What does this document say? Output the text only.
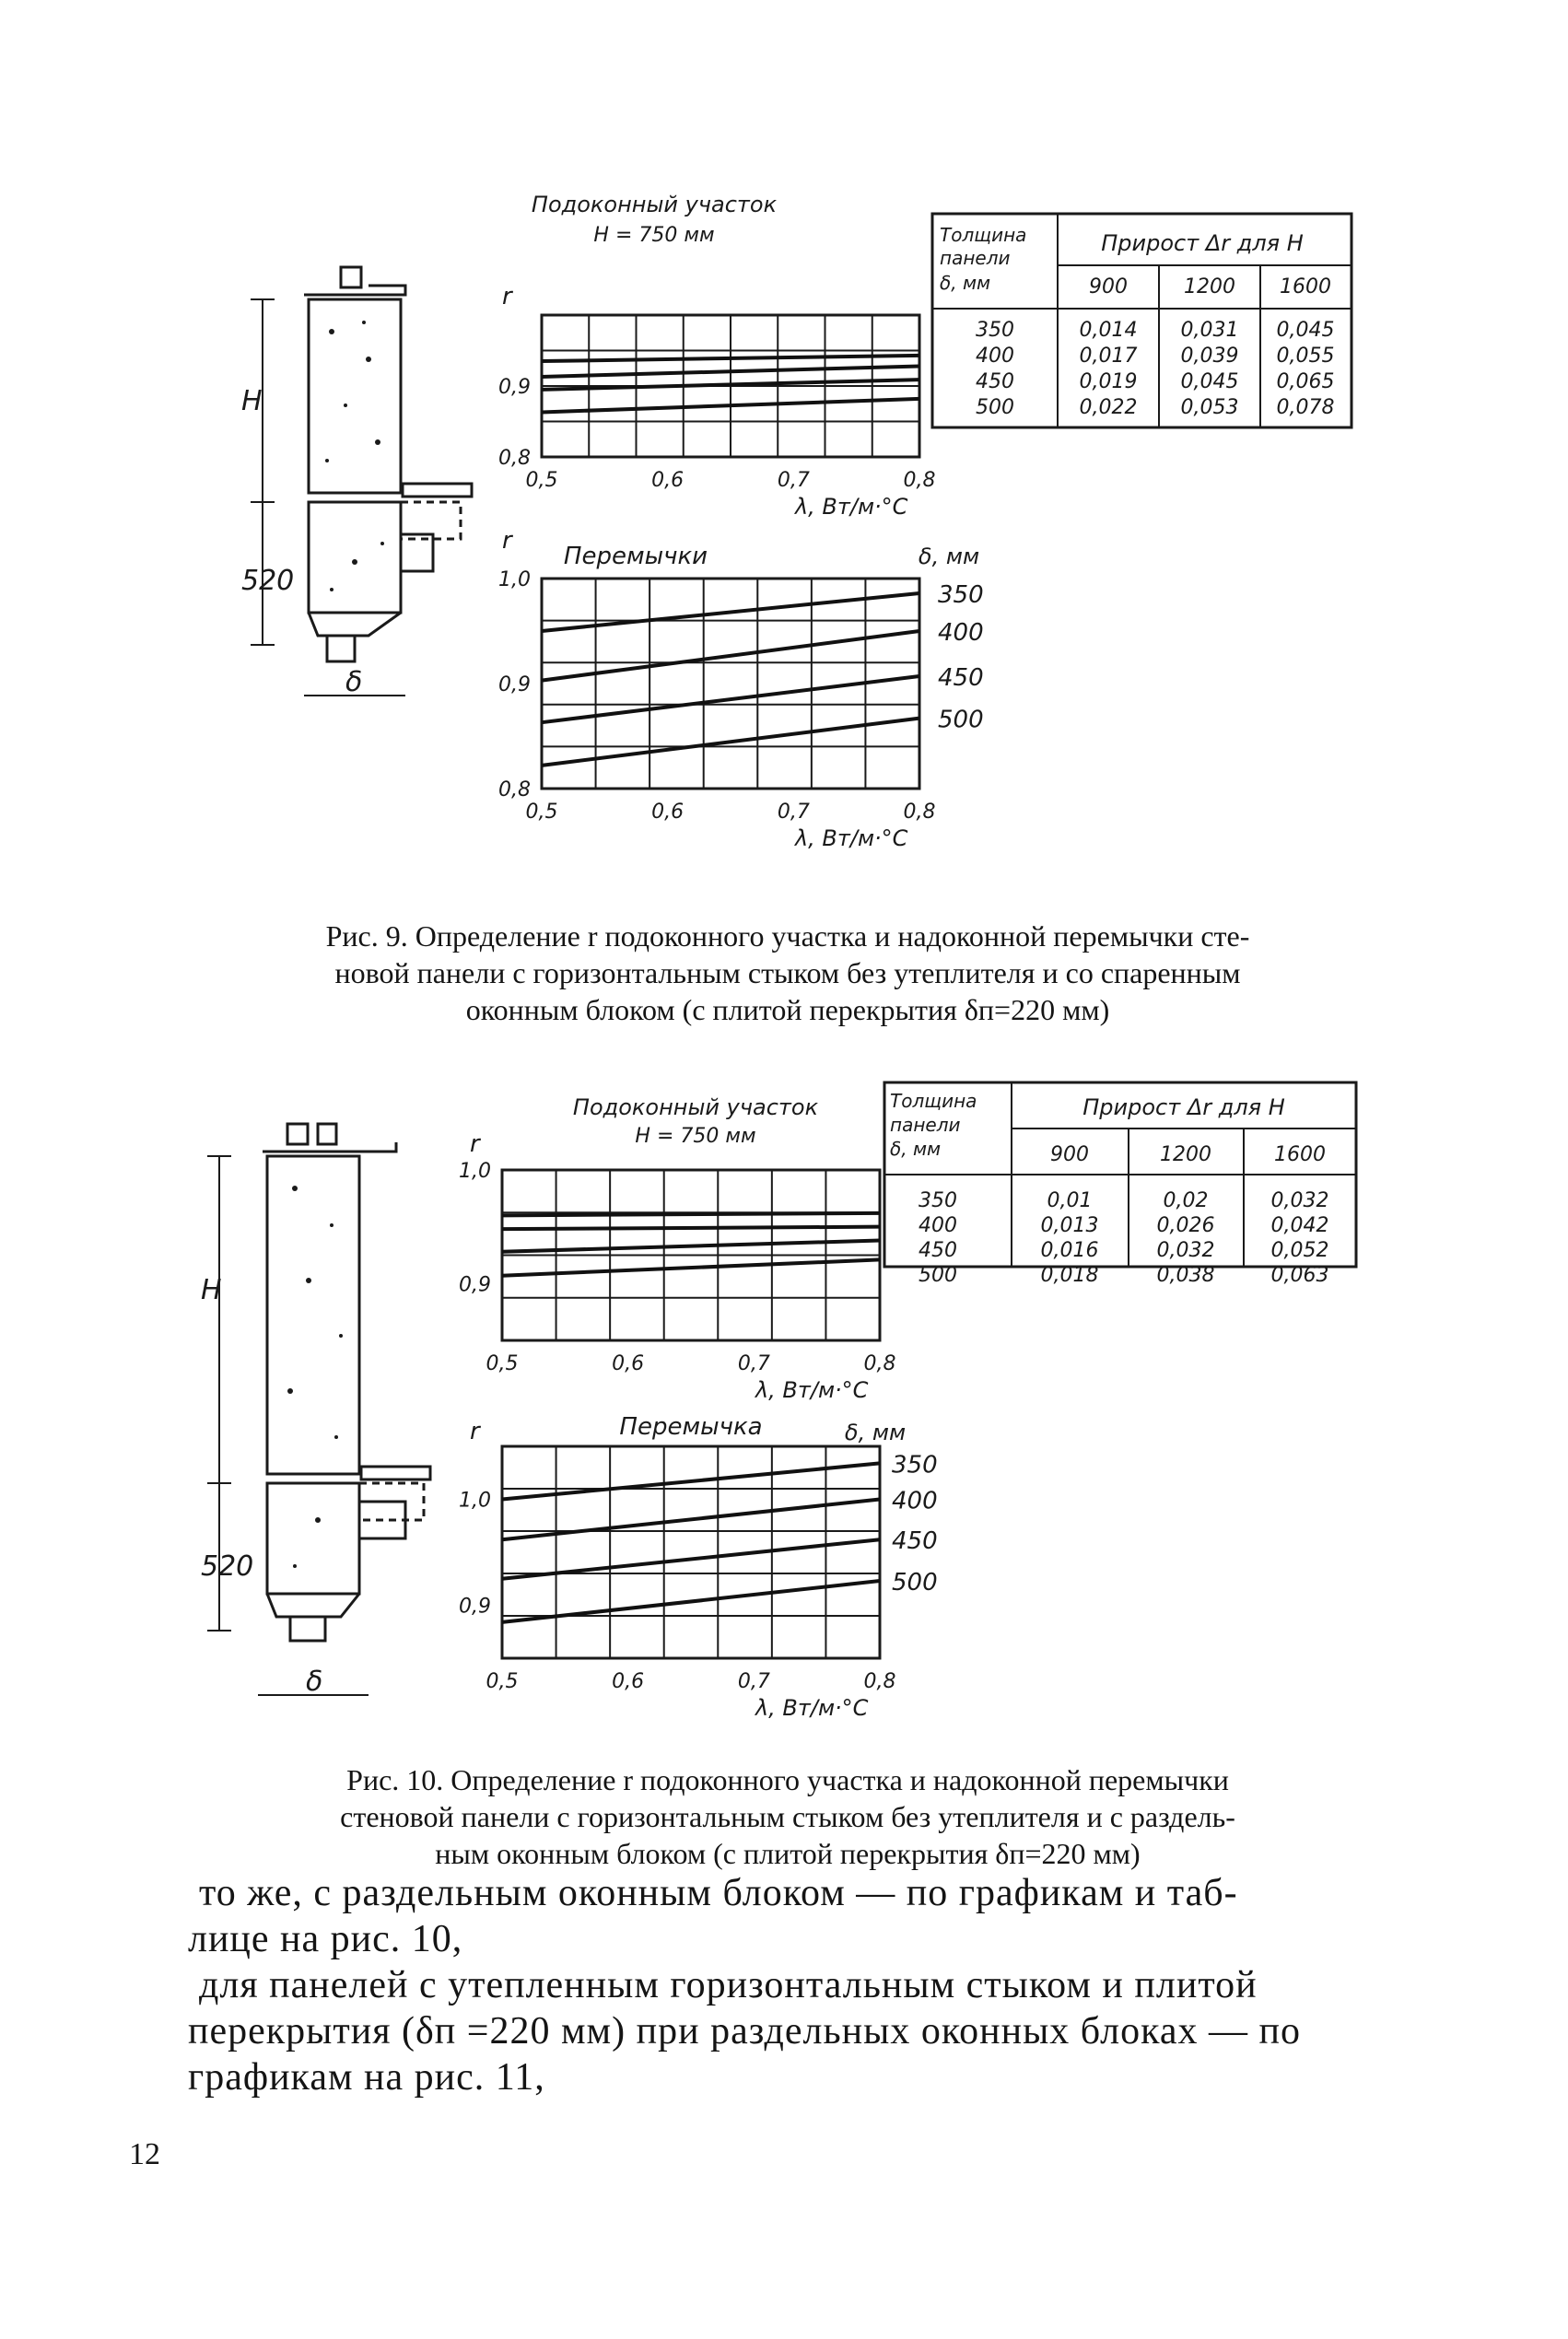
H
520
δ
Подоконный участок
H = 750 мм
r
0,5	0,6	0,7	0,8
0,9
0,8
λ, Вт/м·°С
r
Перемычки	δ, мм
350
400
450
500
0,5	0,6	0,7	0,8
1,0
0,9
0,8
λ, Вт/м·°С
Толщина
панели
δ, мм
Прирост Δr для H
900	1200 1600
350	0,014 0,031 0,045
400	0,017 0,039 0,055
450	0,019 0,045 0,065
500	0,022 0,053 0,078
Рис. 9. Определение r подоконного участка и надоконной перемычки сте-
новой панели с горизонтальным стыком без утеплителя и со спаренным
оконным блоком (с плитой перекрытия δп=220 мм)
H
520
δ
Подоконный участок
H = 750 мм
r
0,5	0,6	0,7	0,8
1,0
0,9
λ, Вт/м·°С
r	Перемычка	δ, мм
350
400
450
500
0,5	0,6	0,7	0,8
1,0
0,9
λ, Вт/м·°С
Толщина
панели
δ, мм
Прирост Δr для H
900	1200	1600
350	0,01	0,02	0,032
400	0,013	0,026	0,042
450	0,016	0,032	0,052
500	0,018	0,038	0,063
Рис. 10. Определение r подоконного участка и надоконной перемычки
стеновой панели с горизонтальным стыком без утеплителя и с раздель-
ным оконным блоком (с плитой перекрытия δп=220 мм)

то же, с раздельным оконным блоком — по графикам и таб-

лице на рис. 10,

для панелей с утепленным горизонтальным стыком и плитой

перекрытия (δп =220 мм) при раздельных оконных блоках — по

графикам на рис. 11,

12
